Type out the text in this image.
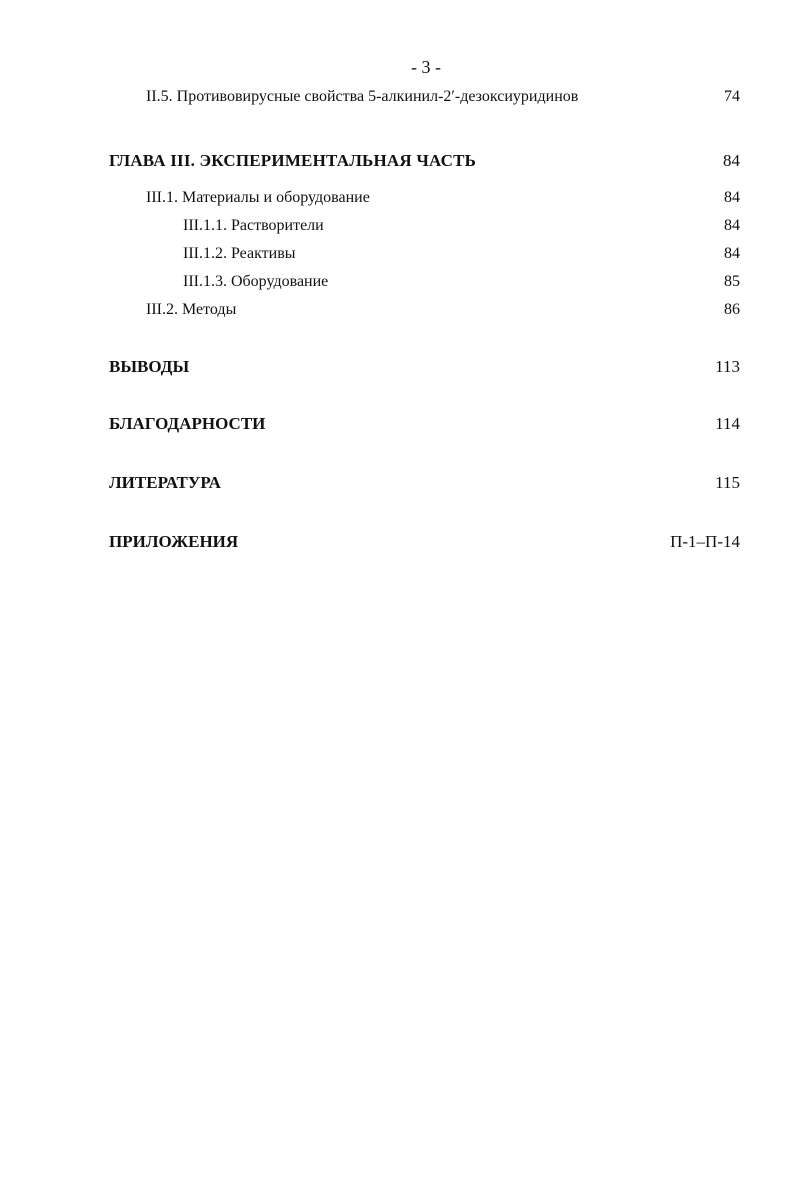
- 3 -
II.5. Противовирусные свойства 5-алкинил-2′-дезоксиуридинов	74
ГЛАВА III. ЭКСПЕРИМЕНТАЛЬНАЯ ЧАСТЬ	84
III.1. Материалы и оборудование	84
III.1.1. Растворители	84
III.1.2. Реактивы	84
III.1.3. Оборудование	85
III.2. Методы	86
ВЫВОДЫ	113
БЛАГОДАРНОСТИ	114
ЛИТЕРАТУРА	115
ПРИЛОЖЕНИЯ	П-1–П-14
